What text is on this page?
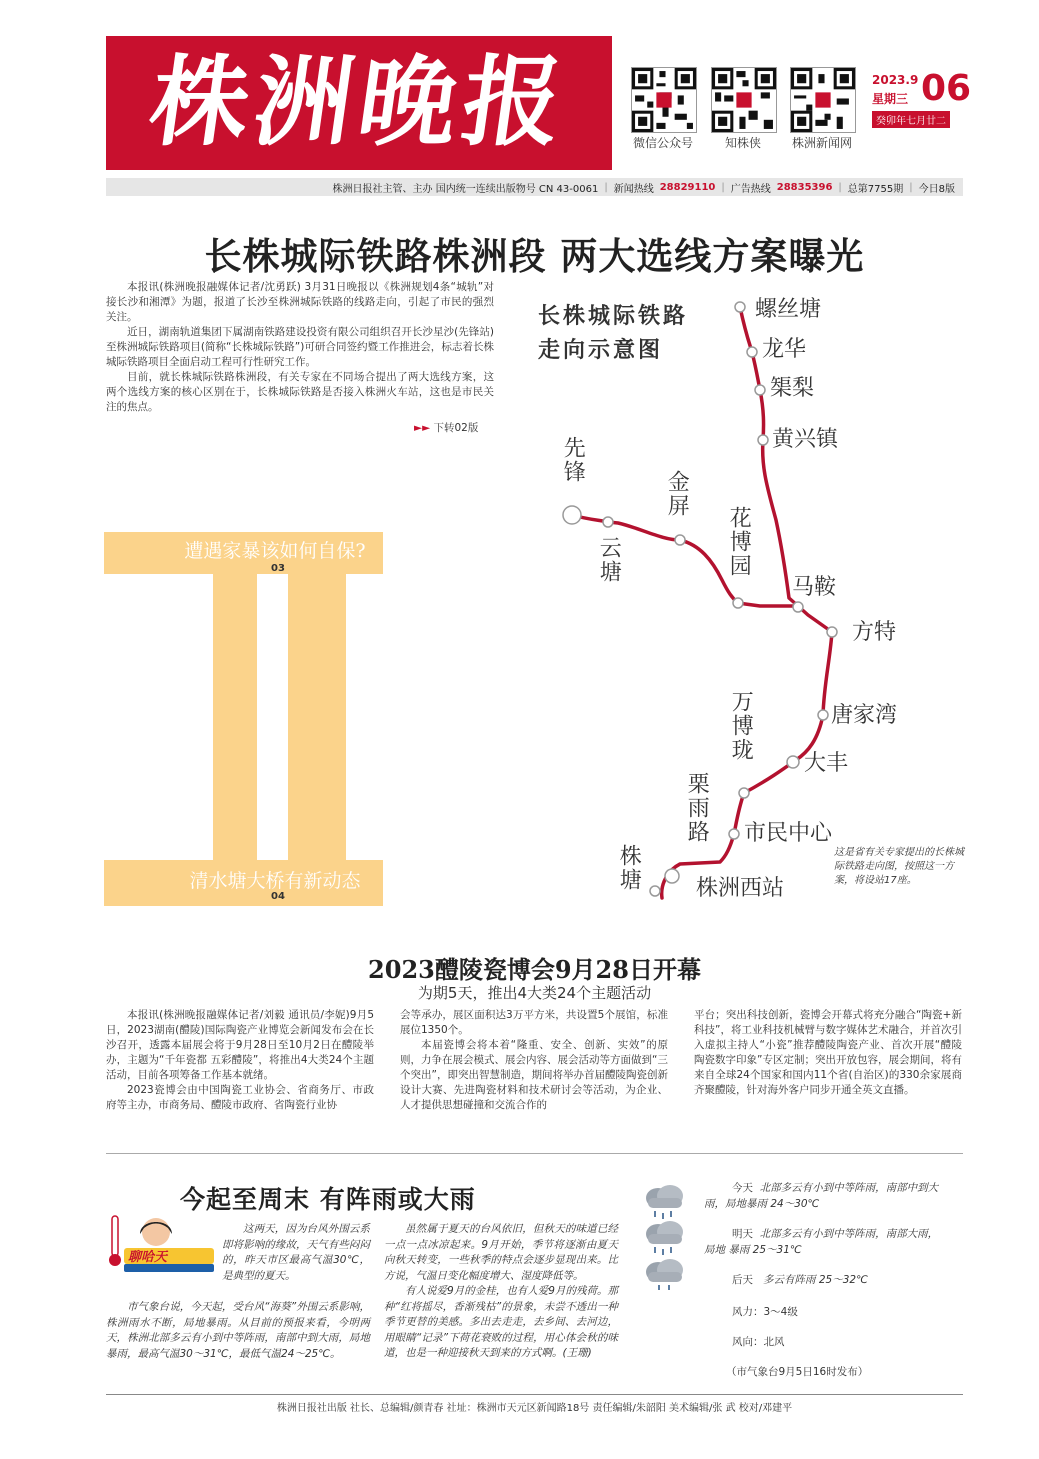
株洲晚报	微信公众号	知株侠	株洲新闻网
2023.9
星期三 06
癸卯年七月廿二
株洲日报社主管、主办 国内统一连续出版物号 CN 43-0061 | 新闻热线 28829110 | 广告热线 28835396 | 总第7755期 | 今日8版
长株城际铁路株洲段 两大选线方案曝光

本报讯(株洲晚报融媒体记者/沈勇跃) 3月31日晚报以《株洲规划4条“城轨”对接长沙和湘潭》为题，报道了长沙至株洲城际铁路的线路走向，引起了市民的强烈关注。

近日，湖南轨道集团下属湖南铁路建设投资有限公司组织召开长沙星沙(先锋站)至株洲城际铁路项目(简称“长株城际铁路”)可研合同签约暨工作推进会，标志着长株城际铁路项目全面启动工程可行性研究工作。

目前，就长株城际铁路株洲段，有关专家在不同场合提出了两大选线方案，这两个选线方案的核心区别在于，长株城际铁路是否接入株洲火车站，这也是市民关注的焦点。

►► 下转02版
长株城际铁路
走向示意图
螺丝塘
龙华
榘梨
黄兴镇
先锋
金屏
云塘	花博园
马鞍
方特
唐家湾
万博珑
大丰
栗雨路 市民中心
株塘 株洲西站
这是省有关专家提出的长株城际铁路走向图，按照这一方案，将设站17座。
遭遇家暴该如何自保?
03
清水塘大桥有新动态
04
2023醴陵瓷博会9月28日开幕
为期5天，推出4大类24个主题活动

本报讯(株洲晚报融媒体记者/刘毅 通讯员/李妮)9月5日，2023湖南(醴陵)国际陶瓷产业博览会新闻发布会在长沙召开，透露本届展会将于9月28日至10月2日在醴陵举办，主题为“千年瓷都 五彩醴陵”，将推出4大类24个主题活动，目前各项筹备工作基本就绪。

2023瓷博会由中国陶瓷工业协会、省商务厅、市政府等主办，市商务局、醴陵市政府、省陶瓷行业协

会等承办，展区面积达3万平方米，共设置5个展馆，标准展位1350个。

本届瓷博会将本着“隆重、安全、创新、实效”的原则，力争在展会模式、展会内容、展会活动等方面做到“三个突出”，即突出智慧制造，期间将举办首届醴陵陶瓷创新设计大赛、先进陶瓷材料和技术研讨会等活动，为企业、人才提供思想碰撞和交流合作的

平台；突出科技创新，瓷博会开幕式将充分融合“陶瓷+新科技”，将工业科技机械臂与数字媒体艺术融合，并首次引入虚拟主持人“小瓷”推荐醴陵陶瓷产业、首次开展“醴陵陶瓷数字印象”专区定制；突出开放包容，展会期间，将有来自全球24个国家和国内11个省(自治区)的330余家展商齐聚醴陵，针对海外客户同步开通全英文直播。

今起至周末 有阵雨或大雨
聊哈天

这两天，因为台风外围云系即将影响的缘故，天气有些闷闷的，昨天市区最高气温30℃，是典型的夏天。

市气象台说，今天起，受台风“海葵”外围云系影响，株洲雨水不断，局地暴雨。从目前的预报来看，今明两天，株洲北部多云有小到中等阵雨，南部中到大雨，局地暴雨，最高气温30～31℃，最低气温24～25℃。

虽然属于夏天的台风依旧，但秋天的味道已经一点一点冰凉起来。9月开始，季节将逐渐由夏天向秋天转变，一些秋季的特点会逐步显现出来。比方说，气温日变化幅度增大、湿度降低等。

有人说爱9月的金桂，也有人爱9月的残荷。那种“红将摇尽，香渐残枯”的景象，未尝不透出一种季节更替的美感。多出去走走，去乡间、去河边，用眼睛“记录”下荷花衰败的过程，用心体会秋的味道，也是一种迎接秋天到来的方式啊。(王珊)

今天 北部多云有小到中等阵雨，南部中到大雨，局地暴雨 24～30℃
明天 北部多云有小到中等阵雨，南部大雨，局地 暴雨 25～31℃
后天 多云有阵雨 25～32℃
风力：3～4级
风向：北风
（市气象台9月5日16时发布）
株洲日报社出版 社长、总编辑/颜青春 社址：株洲市天元区新闻路18号 责任编辑/朱韶阳 美术编辑/张 武 校对/邓建平
